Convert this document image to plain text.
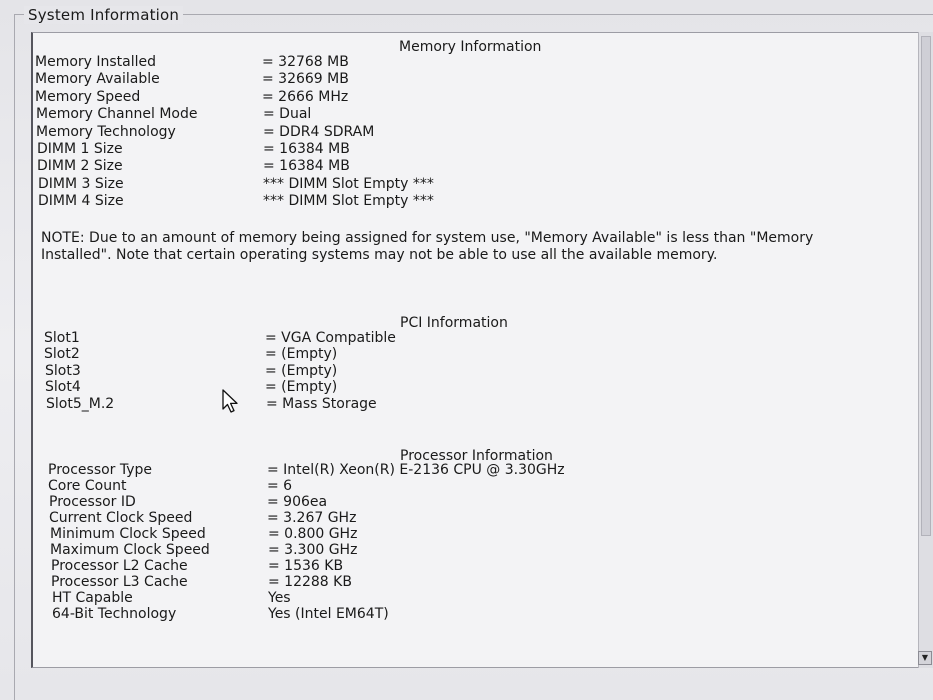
System Information
▼
Memory Information
Memory Installed	= 32768 MB
Memory Available	= 32669 MB
Memory Speed	= 2666 MHz
Memory Channel Mode	= Dual
Memory Technology	= DDR4 SDRAM
DIMM 1 Size	= 16384 MB
DIMM 2 Size	= 16384 MB
DIMM 3 Size	*** DIMM Slot Empty ***
DIMM 4 Size	*** DIMM Slot Empty ***
NOTE: Due to an amount of memory being assigned for system use, "Memory Available" is less than "Memory Installed". Note that certain operating systems may not be able to use all the available memory.
PCI Information
Slot1	= VGA Compatible
Slot2	= (Empty)
Slot3	= (Empty)
Slot4	= (Empty)
Slot5_M.2	= Mass Storage
Processor Information
Processor Type	= Intel(R) Xeon(R) E-2136 CPU @ 3.30GHz
Core Count	= 6
Processor ID	= 906ea
Current Clock Speed	= 3.267 GHz
Minimum Clock Speed	= 0.800 GHz
Maximum Clock Speed	= 3.300 GHz
Processor L2 Cache	= 1536 KB
Processor L3 Cache	= 12288 KB
HT Capable	Yes
64-Bit Technology	Yes (Intel EM64T)
